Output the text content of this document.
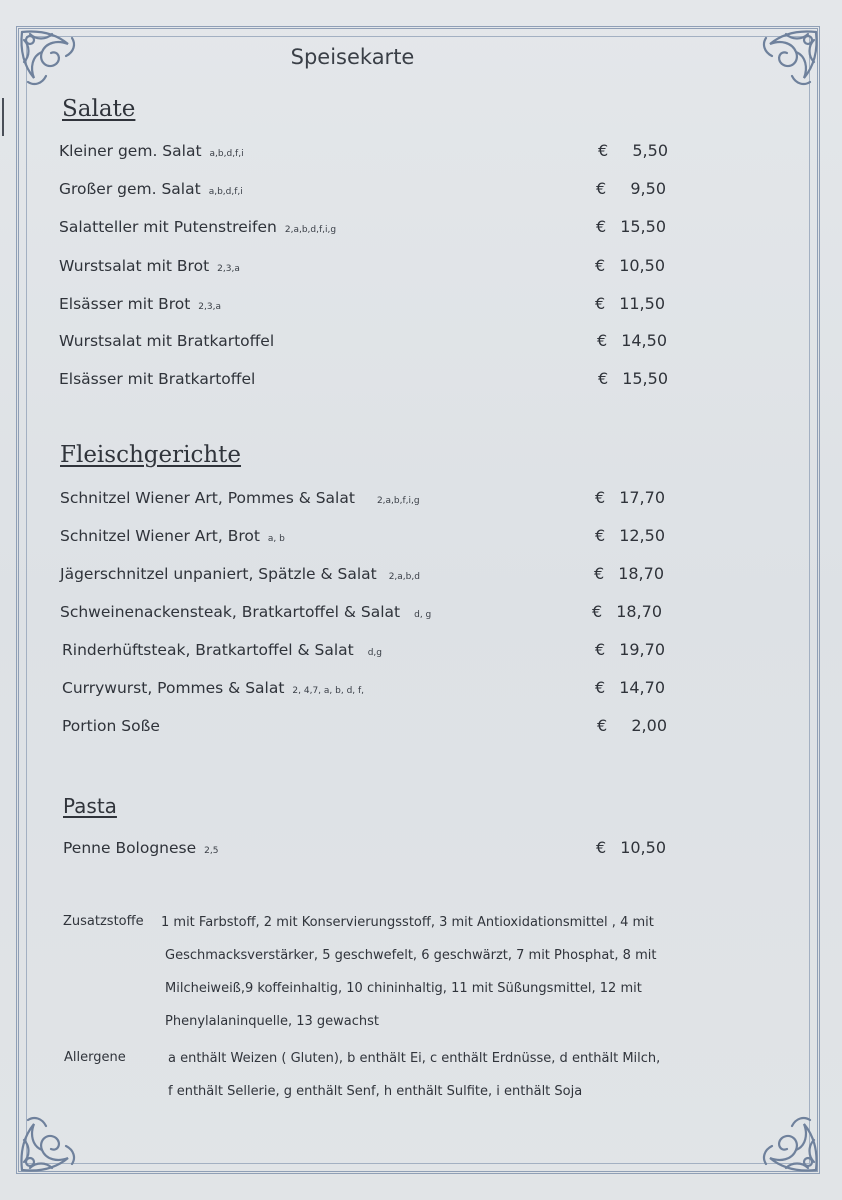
Speisekarte
Salate
Kleiner gem. Salat a,b,d,f,i	€ 5,50
Großer gem. Salat a,b,d,f,i	€ 9,50
Salatteller mit Putenstreifen 2,a,b,d,f,i,g	€ 15,50
Wurstsalat mit Brot 2,3,a	€ 10,50
Elsässer mit Brot 2,3,a	€ 11,50
Wurstsalat mit Bratkartoffel	€ 14,50
Elsässer mit Bratkartoffel	€ 15,50
Fleischgerichte
Schnitzel Wiener Art, Pommes & Salat 2,a,b,f,i,g	€ 17,70
Schnitzel Wiener Art, Brot a, b	€ 12,50
Jägerschnitzel unpaniert, Spätzle & Salat 2,a,b,d	€ 18,70
Schweinenackensteak, Bratkartoffel & Salat d, g	€ 18,70
Rinderhüftsteak, Bratkartoffel & Salat d,g	€ 19,70
Currywurst, Pommes & Salat 2, 4,7, a, b, d, f,	€ 14,70
Portion Soße	€ 2,00
Pasta
Penne Bolognese 2,5	€ 10,50
Zusatzstoffe 1 mit Farbstoff, 2 mit Konservierungsstoff, 3 mit Antioxidationsmittel , 4 mit
Geschmacksverstärker, 5 geschwefelt, 6 geschwärzt, 7 mit Phosphat, 8 mit
Milcheiweiß,9 koffeinhaltig, 10 chininhaltig, 11 mit Süßungsmittel, 12 mit
Phenylalaninquelle, 13 gewachst
Allergene	a enthält Weizen ( Gluten), b enthält Ei, c enthält Erdnüsse, d enthält Milch,
f enthält Sellerie, g enthält Senf, h enthält Sulfite, i enthält Soja
